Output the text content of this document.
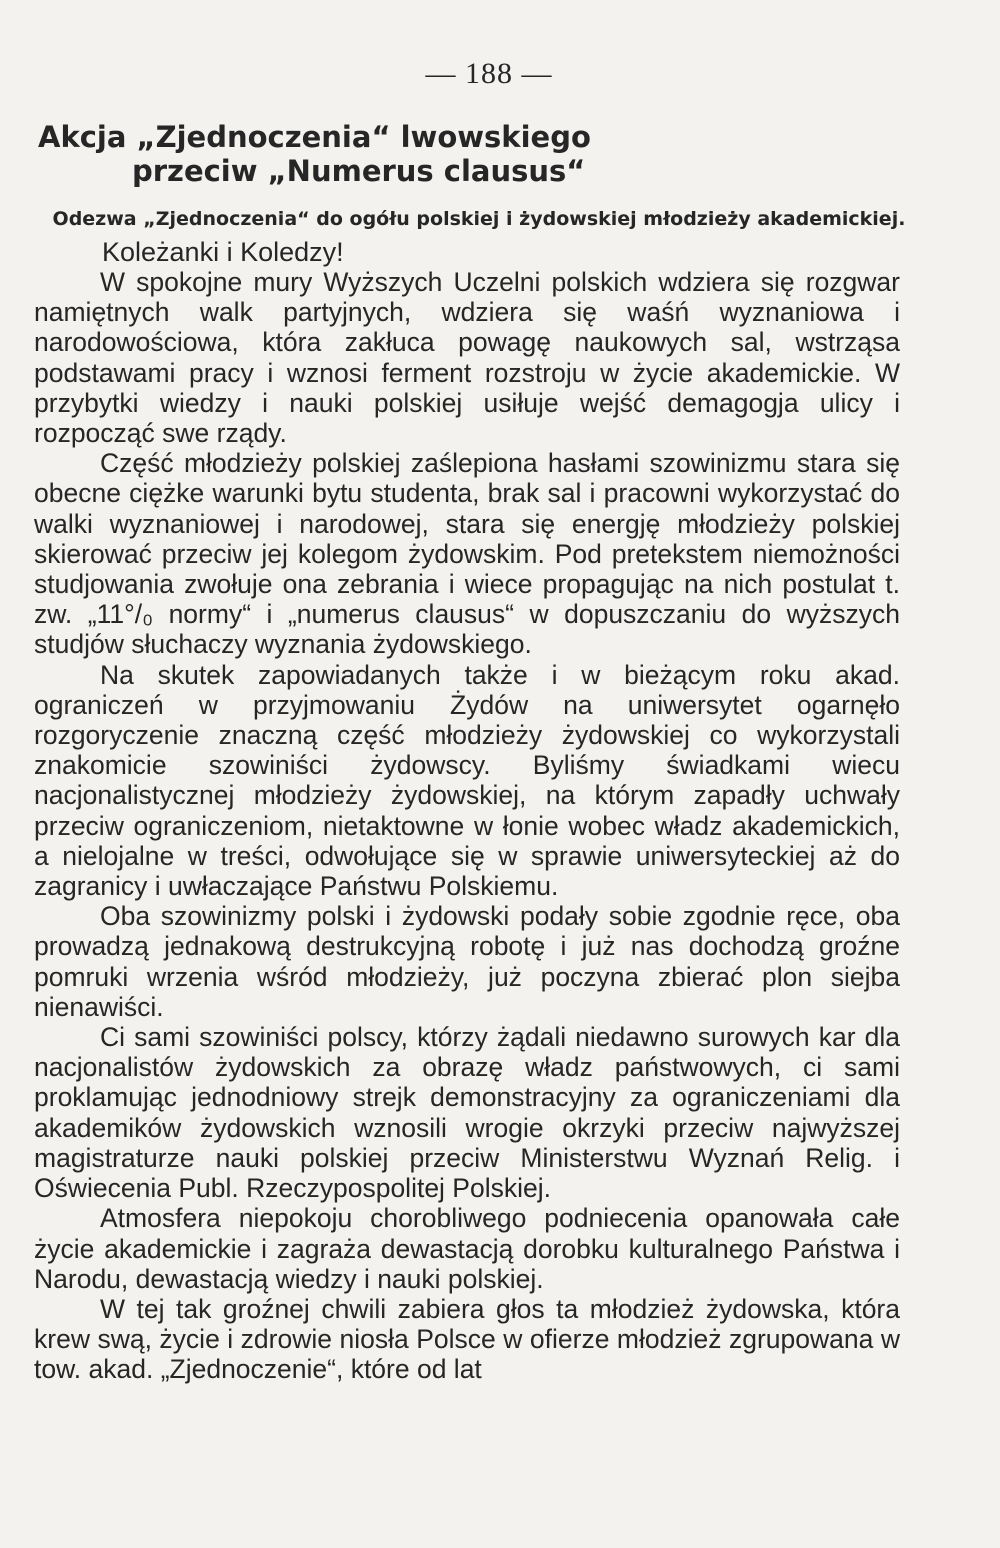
— 188 —
Akcja „Zjednoczenia“ lwowskiego
przeciw „Numerus clausus“
Odezwa „Zjednoczenia“ do ogółu polskiej i żydowskiej młodzieży akademickiej.
Koleżanki i Koledzy!

W spokojne mury Wyższych Uczelni polskich wdziera się rozgwar namiętnych walk partyjnych, wdziera się waśń wyznaniowa i narodowościowa, która zakłuca powagę naukowych sal, wstrząsa podstawami pracy i wznosi ferment rozstroju w życie akademickie. W przybytki wiedzy i nauki polskiej usiłuje wejść demagogja ulicy i rozpocząć swe rządy.

Część młodzieży polskiej zaślepiona hasłami szowinizmu stara się obecne ciężke warunki bytu studenta, brak sal i pracowni wykorzystać do walki wyznaniowej i narodowej, stara się energję młodzieży polskiej skierować przeciw jej kolegom żydowskim. Pod pretekstem niemożności studjowania zwołuje ona zebrania i wiece propagując na nich postulat t. zw. „11°/₀ normy“ i „numerus clausus“ w dopuszczaniu do wyższych studjów słuchaczy wyznania żydowskiego.

Na skutek zapowiadanych także i w bieżącym roku akad. ograniczeń w przyjmowaniu Żydów na uniwersytet ogarnęło rozgoryczenie znaczną część młodzieży żydowskiej co wykorzystali znakomicie szowiniści żydowscy. Byliśmy świadkami wiecu nacjonalistycznej młodzieży żydowskiej, na którym zapadły uchwały przeciw ograniczeniom, nietaktowne w łonie wobec władz akademickich, a nielojalne w treści, odwołujące się w sprawie uniwersyteckiej aż do zagranicy i uwłaczające Państwu Polskiemu.

Oba szowinizmy polski i żydowski podały sobie zgodnie ręce, oba prowadzą jednakową destrukcyjną robotę i już nas dochodzą groźne pomruki wrzenia wśród młodzieży, już poczyna zbierać plon siejba nienawiści.

Ci sami szowiniści polscy, którzy żądali niedawno surowych kar dla nacjonalistów żydowskich za obrazę władz państwowych, ci sami proklamując jednodniowy strejk demonstracyjny za ograniczeniami dla akademików żydowskich wznosili wrogie okrzyki przeciw najwyższej magistraturze nauki polskiej przeciw Ministerstwu Wyznań Relig. i Oświecenia Publ. Rzeczypospolitej Polskiej.

Atmosfera niepokoju chorobliwego podniecenia opanowała całe życie akademickie i zagraża dewastacją dorobku kulturalnego Państwa i Narodu, dewastacją wiedzy i nauki polskiej.

W tej tak groźnej chwili zabiera głos ta młodzież żydowska, która krew swą, życie i zdrowie niosła Polsce w ofierze młodzież zgrupowana w tow. akad. „Zjednoczenie“, które od lat
